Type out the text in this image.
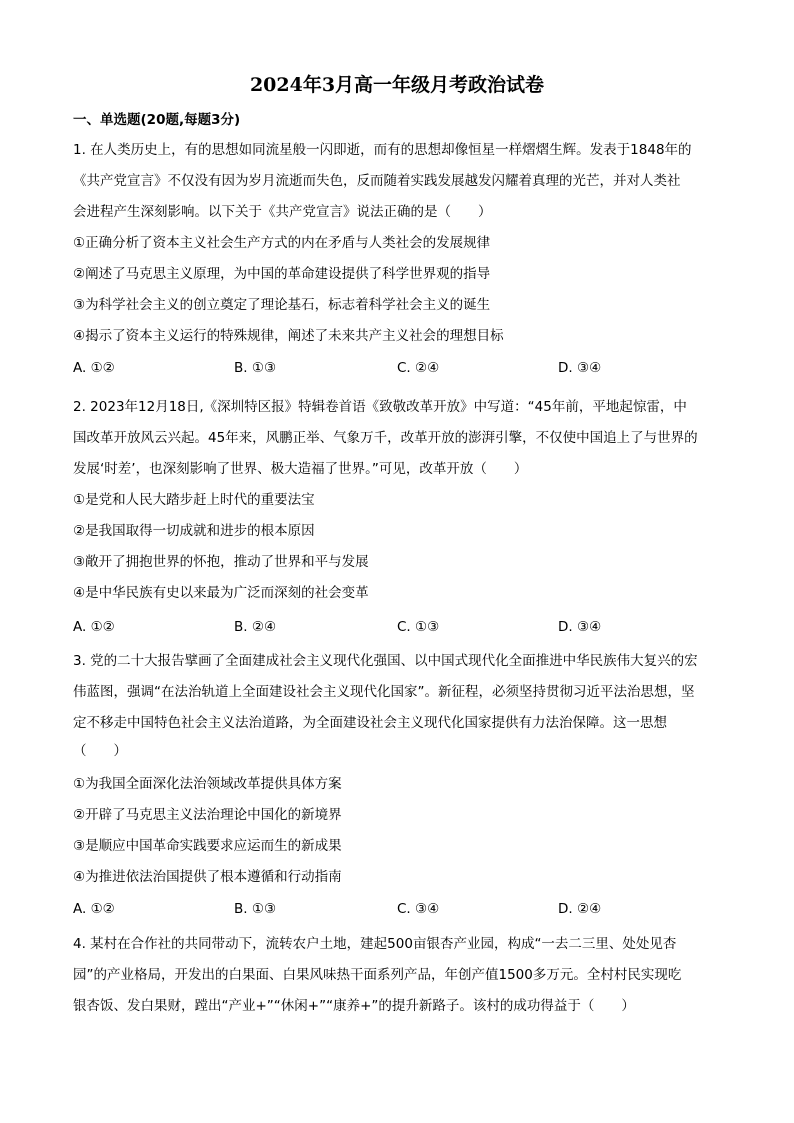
2024年3月高一年级月考政治试卷
一、单选题(20题,每题3分)
1. 在人类历史上，有的思想如同流星般一闪即逝，而有的思想却像恒星一样熠熠生辉。发表于1848年的
《共产党宣言》不仅没有因为岁月流逝而失色，反而随着实践发展越发闪耀着真理的光芒，并对人类社
会进程产生深刻影响。以下关于《共产党宣言》说法正确的是（　　）
①正确分析了资本主义社会生产方式的内在矛盾与人类社会的发展规律
②阐述了马克思主义原理，为中国的革命建设提供了科学世界观的指导
③为科学社会主义的创立奠定了理论基石，标志着科学社会主义的诞生
④揭示了资本主义运行的特殊规律，阐述了未来共产主义社会的理想目标
A. ①②	B. ①③	C. ②④	D. ③④
2. 2023年12月18日,《深圳特区报》特辑卷首语《致敬改革开放》中写道：“45年前，平地起惊雷，中
国改革开放风云兴起。45年来，风鹏正举、气象万千，改革开放的澎湃引擎，不仅使中国追上了与世界的
发展‘时差’，也深刻影响了世界、极大造福了世界。”可见，改革开放（　　）
①是党和人民大踏步赶上时代的重要法宝
②是我国取得一切成就和进步的根本原因
③敞开了拥抱世界的怀抱，推动了世界和平与发展
④是中华民族有史以来最为广泛而深刻的社会变革
A. ①②	B. ②④	C. ①③	D. ③④
3. 党的二十大报告擘画了全面建成社会主义现代化强国、以中国式现代化全面推进中华民族伟大复兴的宏
伟蓝图，强调“在法治轨道上全面建设社会主义现代化国家”。新征程，必须坚持贯彻习近平法治思想，坚
定不移走中国特色社会主义法治道路，为全面建设社会主义现代化国家提供有力法治保障。这一思想
（　　）
①为我国全面深化法治领域改革提供具体方案
②开辟了马克思主义法治理论中国化的新境界
③是顺应中国革命实践要求应运而生的新成果
④为推进依法治国提供了根本遵循和行动指南
A. ①②	B. ①③	C. ③④	D. ②④
4. 某村在合作社的共同带动下，流转农户土地，建起500亩银杏产业园，构成“一去二三里、处处见杏
园”的产业格局，开发出的白果面、白果风味热干面系列产品，年创产值1500多万元。全村村民实现吃
银杏饭、发白果财，蹚出“产业+”“休闲+”“康养+”的提升新路子。该村的成功得益于（　　）
